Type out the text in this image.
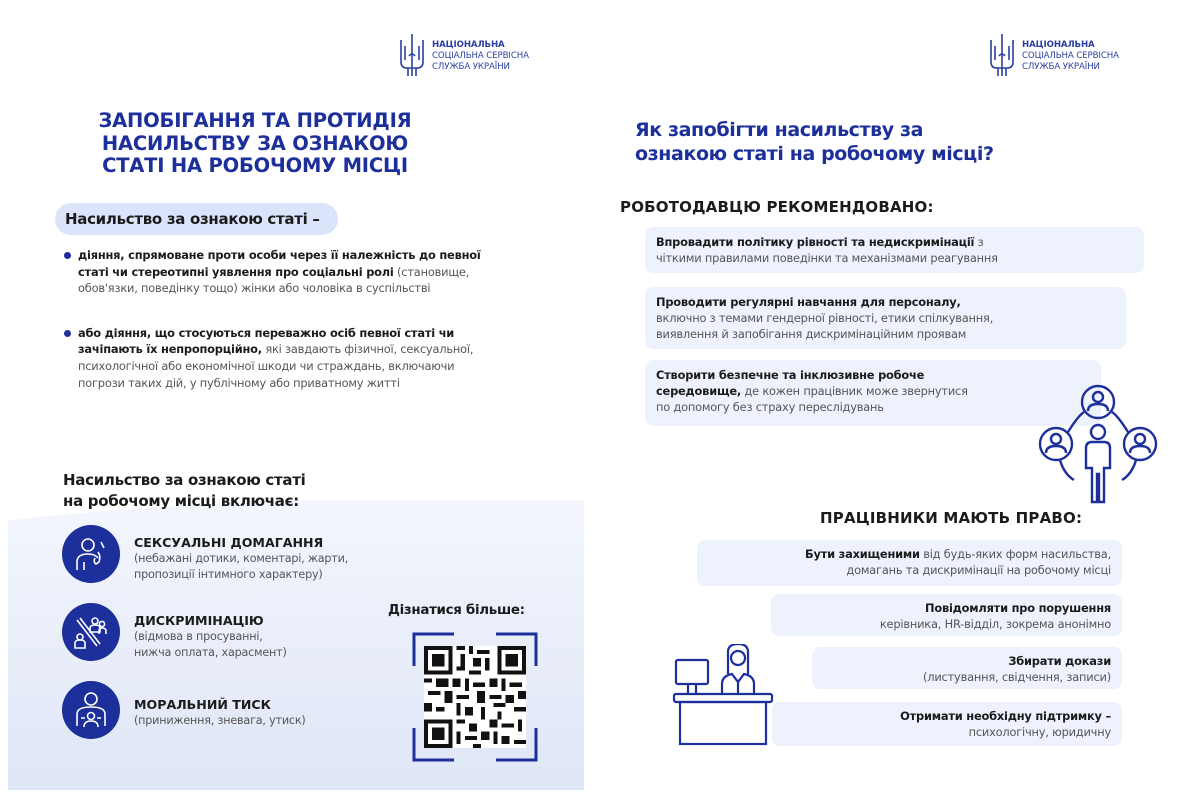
НАЦІОНАЛЬНА
СОЦІАЛЬНА СЕРВІСНА
СЛУЖБА УКРАЇНИ
ЗАПОБІГАННЯ ТА ПРОТИДІЯ
НАСИЛЬСТВУ ЗА ОЗНАКОЮ
СТАТІ НА РОБОЧОМУ МІСЦІ
Насильство за ознакою статі –
діяння, спрямоване проти особи через її належність до певної статі чи стереотипні уявлення про соціальні ролі (становище, обов'язки, поведінку тощо) жінки або чоловіка в суспільстві
або діяння, що стосуються переважно осіб певної статі чи зачіпають їх непропорційно, які завдають фізичної, сексуальної, психологічної або економічної шкоди чи страждань, включаючи погрози таких дій, у публічному або приватному житті
Насильство за ознакою статі
на робочому місці включає:
СЕКСУАЛЬНІ ДОМАГАННЯ
(небажані дотики, коментарі, жарти,
пропозиції інтимного характеру)
ДИСКРИМІНАЦІЮ
(відмова в просуванні,
нижча оплата, харасмент)
МОРАЛЬНИЙ ТИСК
(приниження, зневага, утиск)
Дізнатися більше:
НАЦІОНАЛЬНА
СОЦІАЛЬНА СЕРВІСНА
СЛУЖБА УКРАЇНИ
Як запобігти насильству за
ознакою статі на робочому місці?
РОБОТОДАВЦЮ РЕКОМЕНДОВАНО:
Впровадити політику рівності та недискримінації з
чіткими правилами поведінки та механізмами реагування
Проводити регулярні навчання для персоналу,
включно з темами гендерної рівності, етики спілкування,
виявлення й запобігання дискримінаційним проявам
Створити безпечне та інклюзивне робоче
середовище, де кожен працівник може звернутися
по допомогу без страху переслідувань
ПРАЦІВНИКИ МАЮТЬ ПРАВО:
Бути захищеними від будь-яких форм насильства,
домагань та дискримінації на робочому місці
Повідомляти про порушення
керівника, HR-відділ, зокрема анонімно
Збирати докази
(листування, свідчення, записи)
Отримати необхідну підтримку –
психологічну, юридичну
